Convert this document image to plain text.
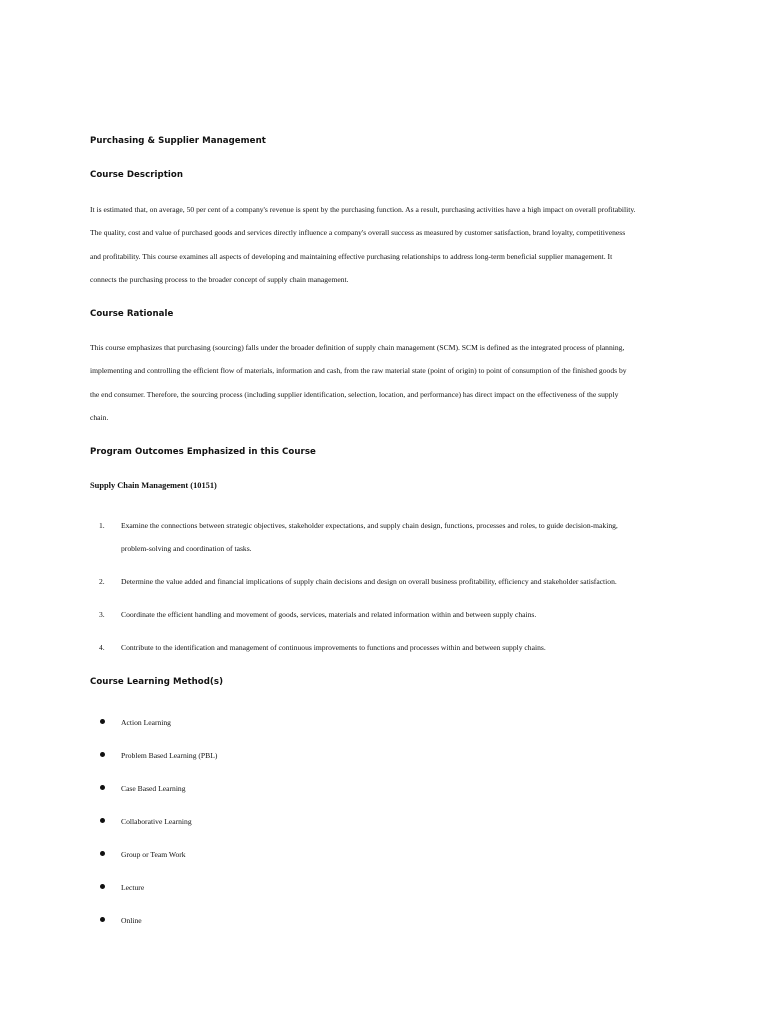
Purchasing & Supplier Management
Course Description
It is estimated that, on average, 50 per cent of a company's revenue is spent by the purchasing function. As a result, purchasing activities have a high impact on overall profitability.
The quality, cost and value of purchased goods and services directly influence a company's overall success as measured by customer satisfaction, brand loyalty, competitiveness
and profitability. This course examines all aspects of developing and maintaining effective purchasing relationships to address long-term beneficial supplier management. It
connects the purchasing process to the broader concept of supply chain management.
Course Rationale
This course emphasizes that purchasing (sourcing) falls under the broader definition of supply chain management (SCM). SCM is defined as the integrated process of planning,
implementing and controlling the efficient flow of materials, information and cash, from the raw material state (point of origin) to point of consumption of the finished goods by
the end consumer. Therefore, the sourcing process (including supplier identification, selection, location, and performance) has direct impact on the effectiveness of the supply
chain.
Program Outcomes Emphasized in this Course
Supply Chain Management (10151)
1. Examine the connections between strategic objectives, stakeholder expectations, and supply chain design, functions, processes and roles, to guide decision-making,
problem-solving and coordination of tasks.
2. Determine the value added and financial implications of supply chain decisions and design on overall business profitability, efficiency and stakeholder satisfaction.
3. Coordinate the efficient handling and movement of goods, services, materials and related information within and between supply chains.
4. Contribute to the identification and management of continuous improvements to functions and processes within and between supply chains.
Course Learning Method(s)
Action Learning
Problem Based Learning (PBL)
Case Based Learning
Collaborative Learning
Group or Team Work
Lecture
Online
